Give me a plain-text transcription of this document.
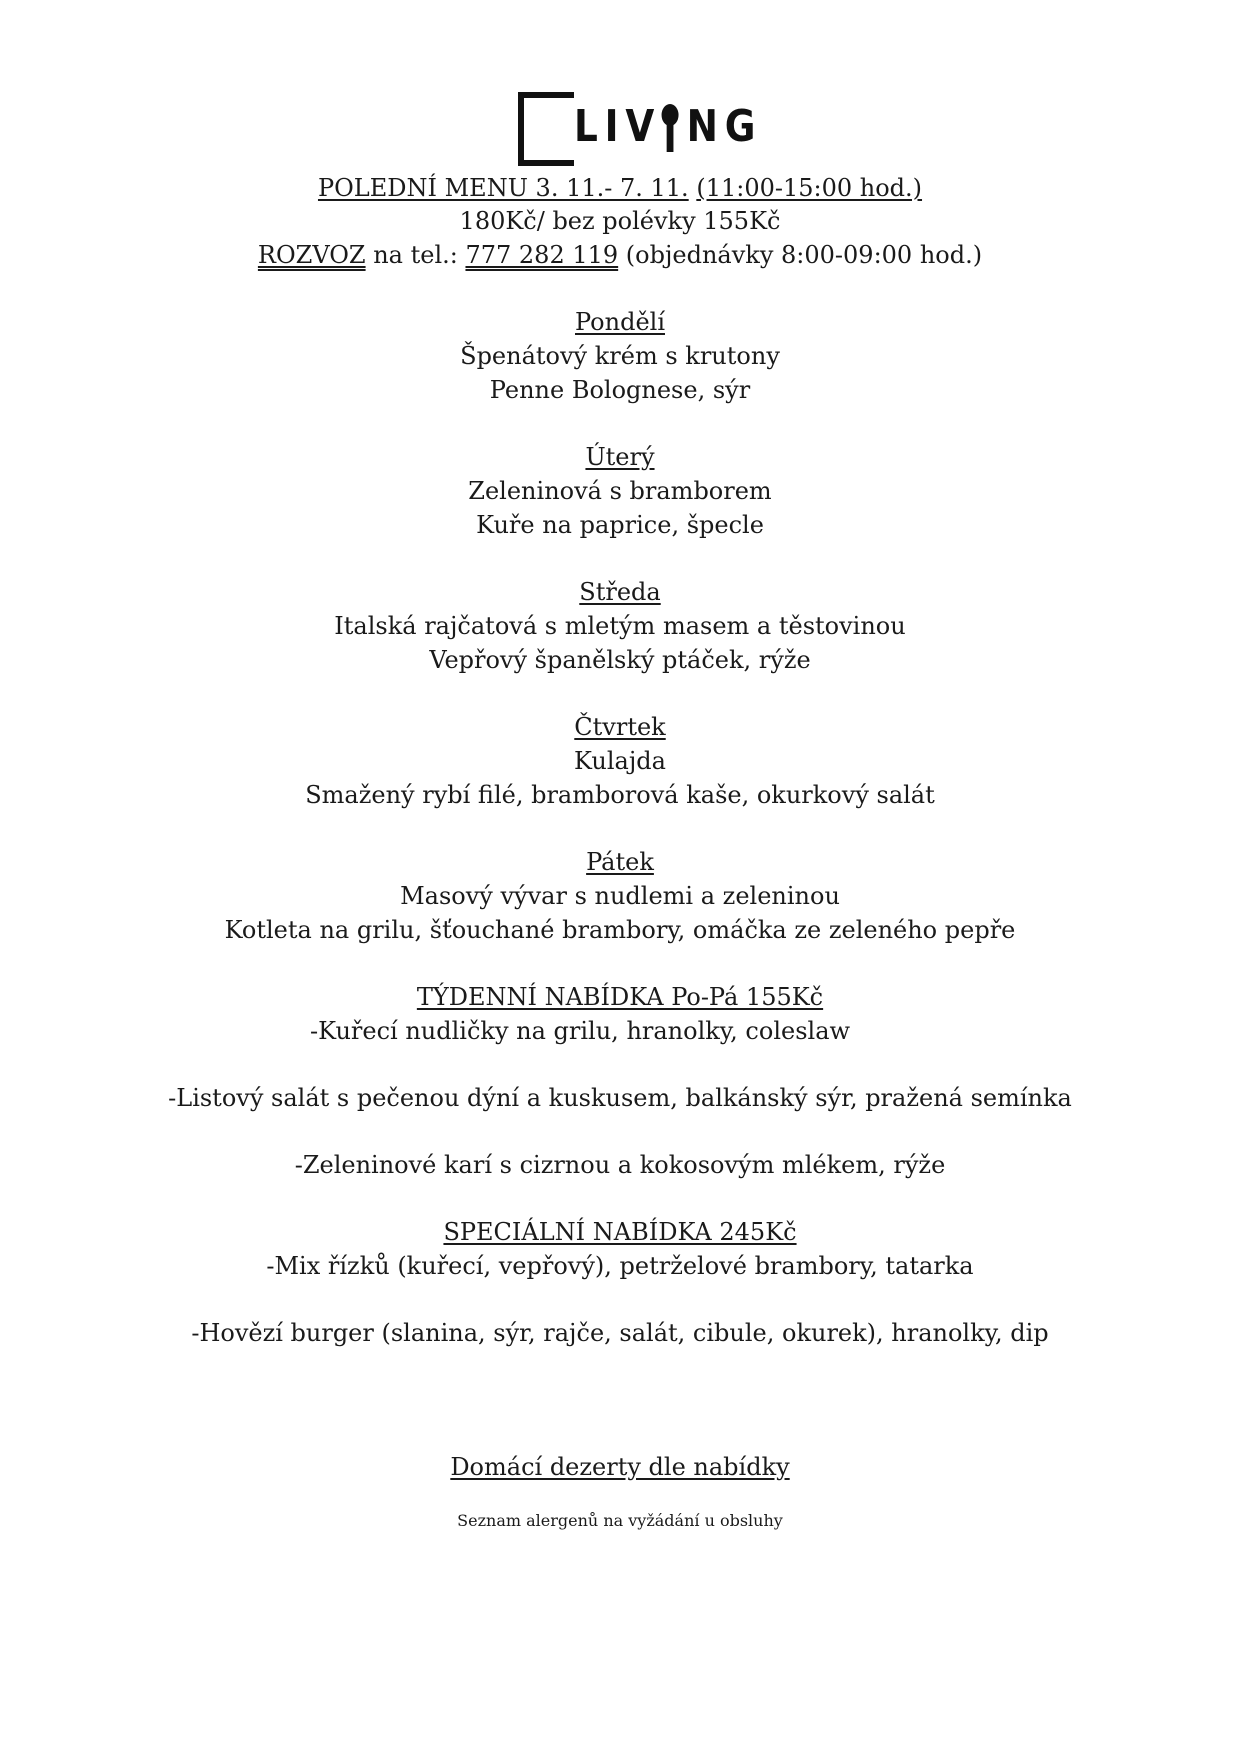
LIV NG
POLEDNÍ MENU 3. 11.- 7. 11. (11:00-15:00 hod.)
180Kč/ bez polévky 155Kč
ROZVOZ na tel.: 777 282 119 (objednávky 8:00-09:00 hod.)
Pondělí
Špenátový krém s krutony
Penne Bolognese, sýr
Úterý
Zeleninová s bramborem
Kuře na paprice, špecle
Středa
Italská rajčatová s mletým masem a těstovinou
Vepřový španělský ptáček, rýže
Čtvrtek
Kulajda
Smažený rybí filé, bramborová kaše, okurkový salát
Pátek
Masový vývar s nudlemi a zeleninou
Kotleta na grilu, šťouchané brambory, omáčka ze zeleného pepře
TÝDENNÍ NABÍDKA Po-Pá 155Kč
-Kuřecí nudličky na grilu, hranolky, coleslaw
-Listový salát s pečenou dýní a kuskusem, balkánský sýr, pražená semínka
-Zeleninové karí s cizrnou a kokosovým mlékem, rýže
SPECIÁLNÍ NABÍDKA 245Kč
-Mix řízků (kuřecí, vepřový), petrželové brambory, tatarka
-Hovězí burger (slanina, sýr, rajče, salát, cibule, okurek), hranolky, dip
Domácí dezerty dle nabídky
Seznam alergenů na vyžádání u obsluhy
